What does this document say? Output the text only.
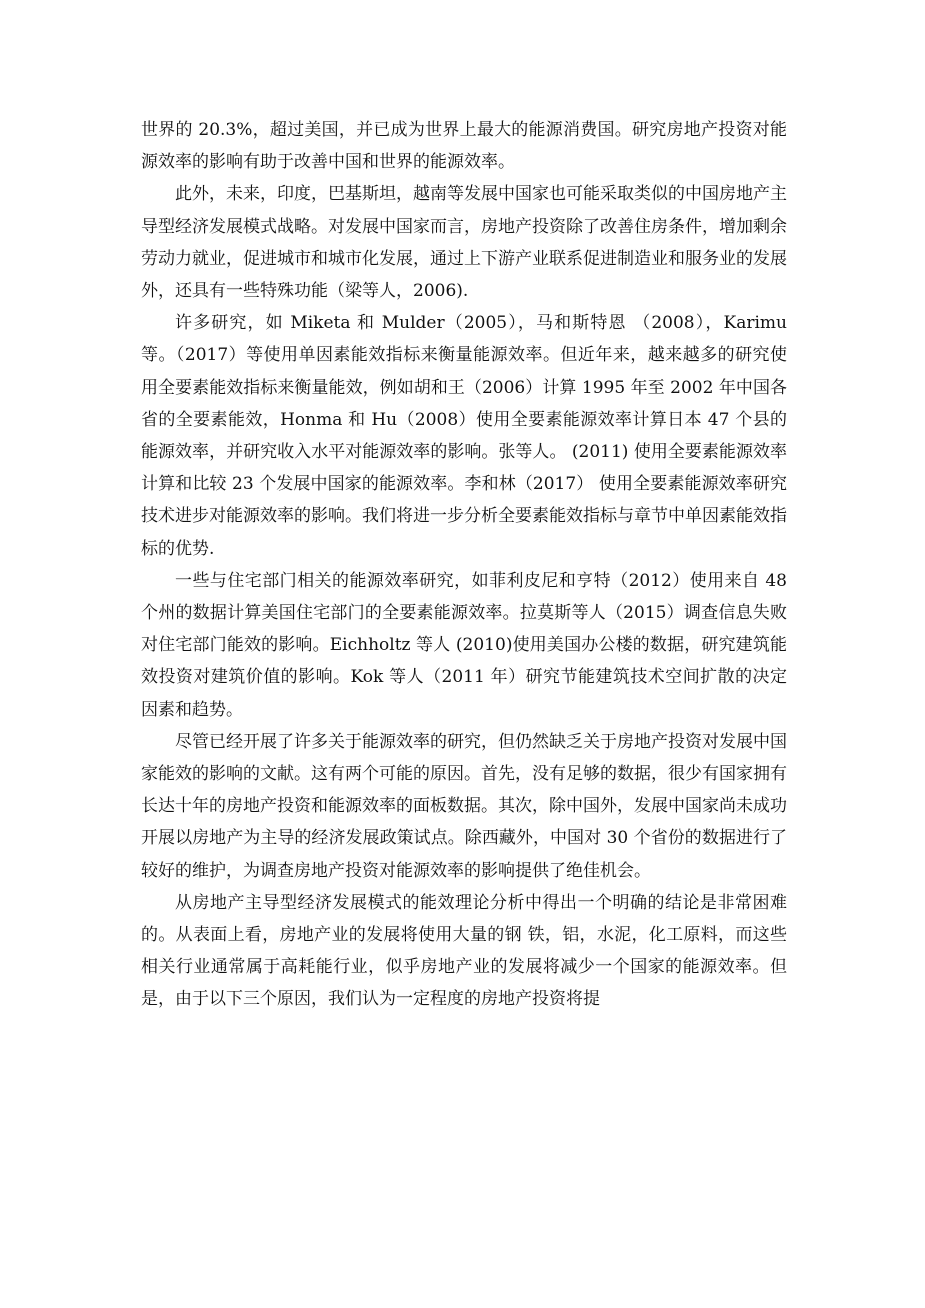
世界的 20.3%，超过美国，并已成为世界上最大的能源消费国。研究房地产投资对能源效率的影响有助于改善中国和世界的能源效率。

此外，未来，印度，巴基斯坦，越南等发展中国家也可能采取类似的中国房地产主导型经济发展模式战略。对发展中国家而言，房地产投资除了改善住房条件，增加剩余劳动力就业，促进城市和城市化发展，通过上下游产业联系促进制造业和服务业的发展外，还具有一些特殊功能（梁等人，2006).

许多研究，如 Miketa 和 Mulder（2005），马和斯特恩 （2008），Karimu 等。（2017）等使用单因素能效指标来衡量能源效率。但近年来，越来越多的研究使用全要素能效指标来衡量能效，例如胡和王（2006）计算 1995 年至 2002 年中国各省的全要素能效，Honma 和 Hu（2008）使用全要素能源效率计算日本 47 个县的能源效率，并研究收入水平对能源效率的影响。张等人。 (2011) 使用全要素能源效率计算和比较 23 个发展中国家的能源效率。李和林（2017） 使用全要素能源效率研究技术进步对能源效率的影响。我们将进一步分析全要素能效指标与章节中单因素能效指标的优势.

一些与住宅部门相关的能源效率研究，如菲利皮尼和亨特（2012）使用来自 48 个州的数据计算美国住宅部门的全要素能源效率。拉莫斯等人（2015）调查信息失败对住宅部门能效的影响。Eichholtz 等人 (2010)使用美国办公楼的数据，研究建筑能效投资对建筑价值的影响。Kok 等人（2011 年）研究节能建筑技术空间扩散的决定因素和趋势。

尽管已经开展了许多关于能源效率的研究，但仍然缺乏关于房地产投资对发展中国家能效的影响的文献。这有两个可能的原因。首先，没有足够的数据，很少有国家拥有长达十年的房地产投资和能源效率的面板数据。其次，除中国外，发展中国家尚未成功开展以房地产为主导的经济发展政策试点。除西藏外，中国对 30 个省份的数据进行了较好的维护，为调查房地产投资对能源效率的影响提供了绝佳机会。

从房地产主导型经济发展模式的能效理论分析中得出一个明确的结论是非常困难的。从表面上看，房地产业的发展将使用大量的钢 铁，铝，水泥，化工原料，而这些相关行业通常属于高耗能行业，似乎房地产业的发展将减少一个国家的能源效率。但是，由于以下三个原因，我们认为一定程度的房地产投资将提
